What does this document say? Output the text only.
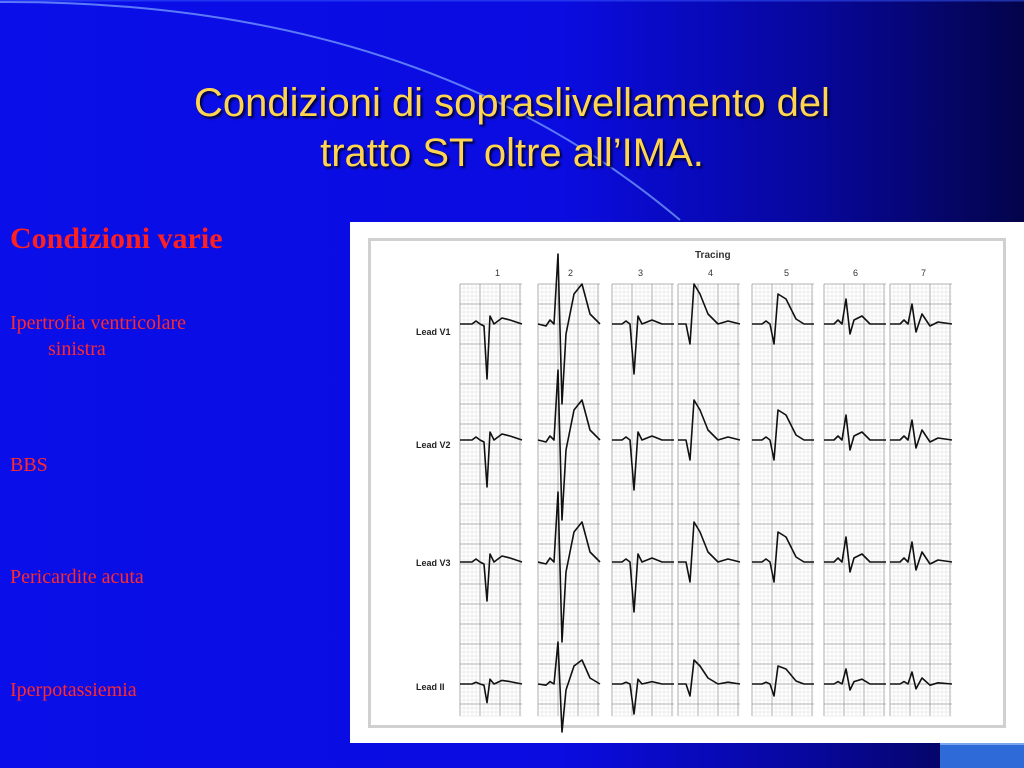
Condizioni di sopraslivellamento del
tratto ST oltre all’IMA.
Condizioni varie
Ipertrofia ventricolare
sinistra
BBS
Pericardite acuta
Iperpotassiemia
Tracing
1	2	3	4	5	6	7
Lead V1
Lead V2
Lead V3
Lead II
